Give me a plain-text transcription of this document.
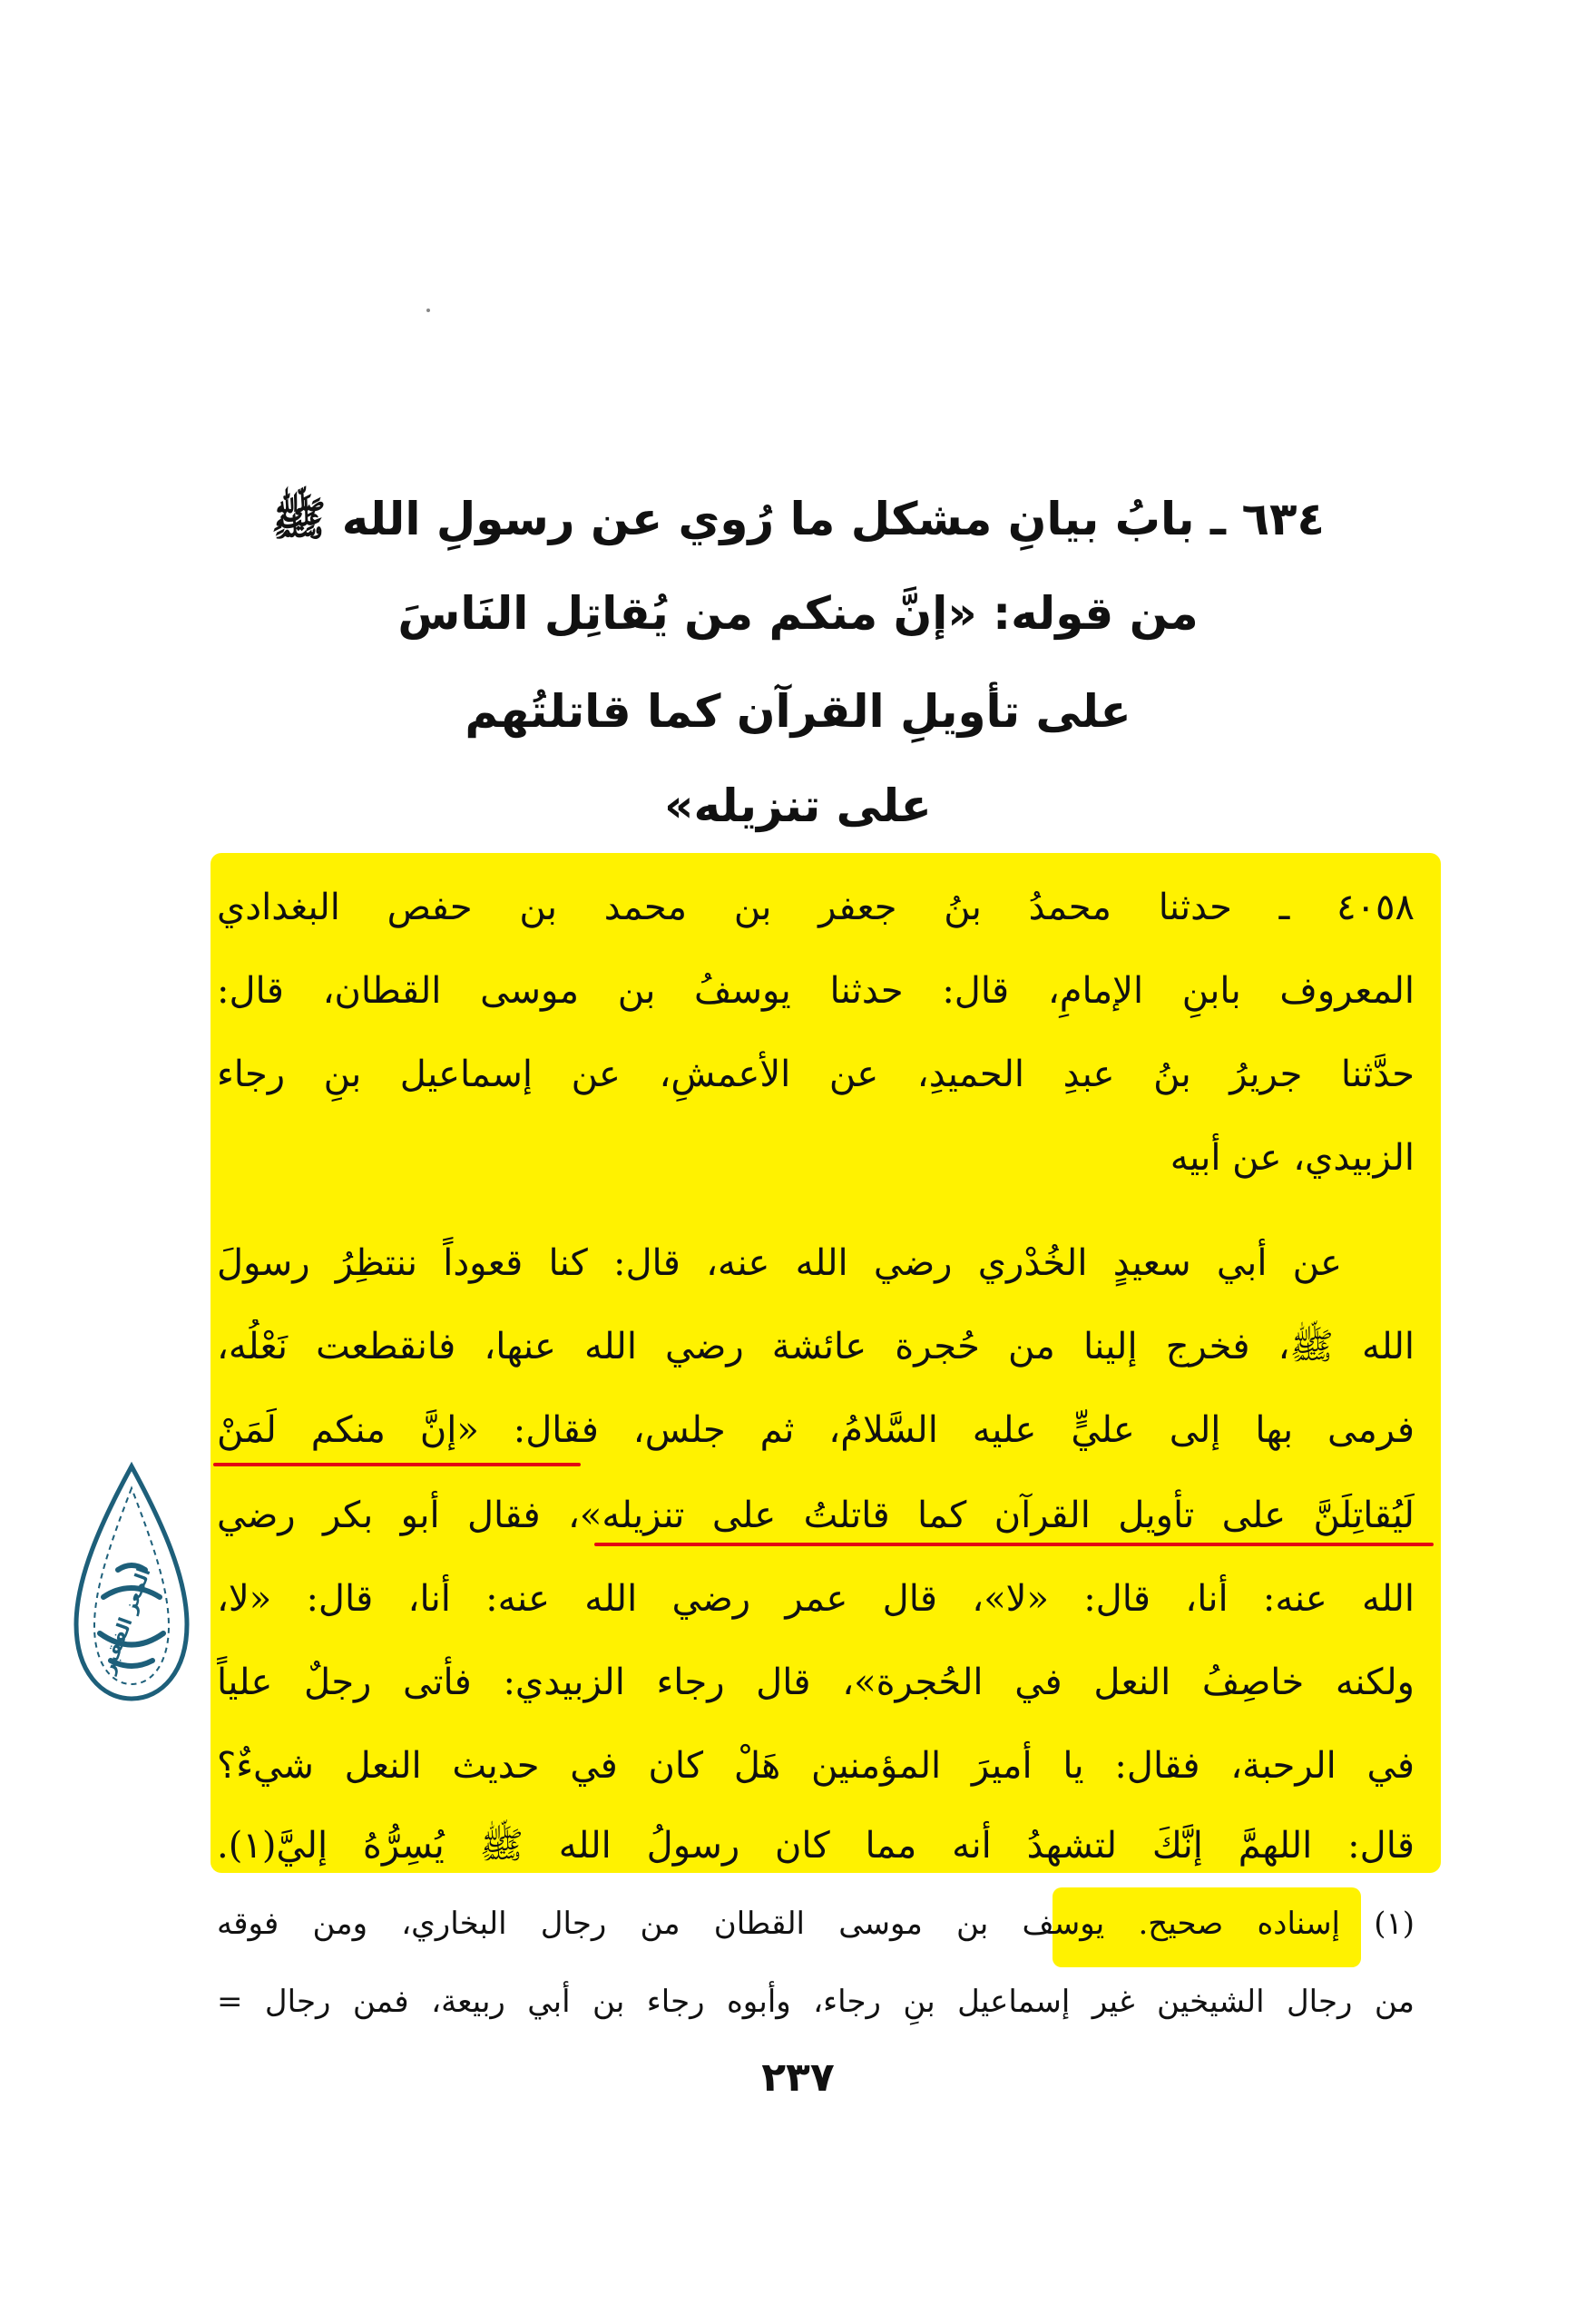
٦٣٤ ـ بابُ بيانِ مشكل ما رُوي عن رسولِ الله ﷺ
من قوله: «إنَّ منكم من يُقاتِل النَاسَ
على تأويلِ القرآن كما قاتلتُهم
على تنزيله»
٤٠٥٨ ـ حدثنا محمدُ بنُ جعفر بن محمد بن حفص البغدادي
المعروف بابنِ الإمامِ، قال: حدثنا يوسفُ بن موسى القطان، قال:
حدَّثنا جريرُ بنُ عبدِ الحميدِ، عن الأعمشِ، عن إسماعيل بنِ رجاء
الزبيدي، عن أبيه
عن أبي سعيدٍ الخُدْري رضي الله عنه، قال: كنا قعوداً ننتظِرُ رسولَ
الله ﷺ، فخرج إلينا من حُجرة عائشة رضي الله عنها، فانقطعت نَعْلُه،
فرمى بها إلى عليٍّ عليه السَّلامُ، ثم جلس، فقال: «إنَّ منكم لَمَنْ
لَيُقاتِلَنَّ على تأويل القرآن كما قاتلتُ على تنزيله»، فقال أبو بكر رضي
الله عنه: أنا، قال: «لا»، قال عمر رضي الله عنه: أنا، قال: «لا،
ولكنه خاصِفُ النعل في الحُجرة»، قال رجاء الزبيدي: فأتى رجلٌ علياً
في الرحبة، فقال: يا أميرَ المؤمنين هَلْ كان في حديث النعل شيءٌ؟
قال: اللهمَّ إنَّكَ لتشهدُ أنه مما كان رسولُ الله ﷺ يُسِرُّهُ إليَّ(١).
(١) إسناده صحيح. يوسف بن موسى القطان من رجال البخاري، ومن فوقه
من رجال الشيخين غير إسماعيل بنِ رجاء، وأبوه رجاء بن أبي ربيعة، فمن رجال =
٢٣٧
المعز الفقير
